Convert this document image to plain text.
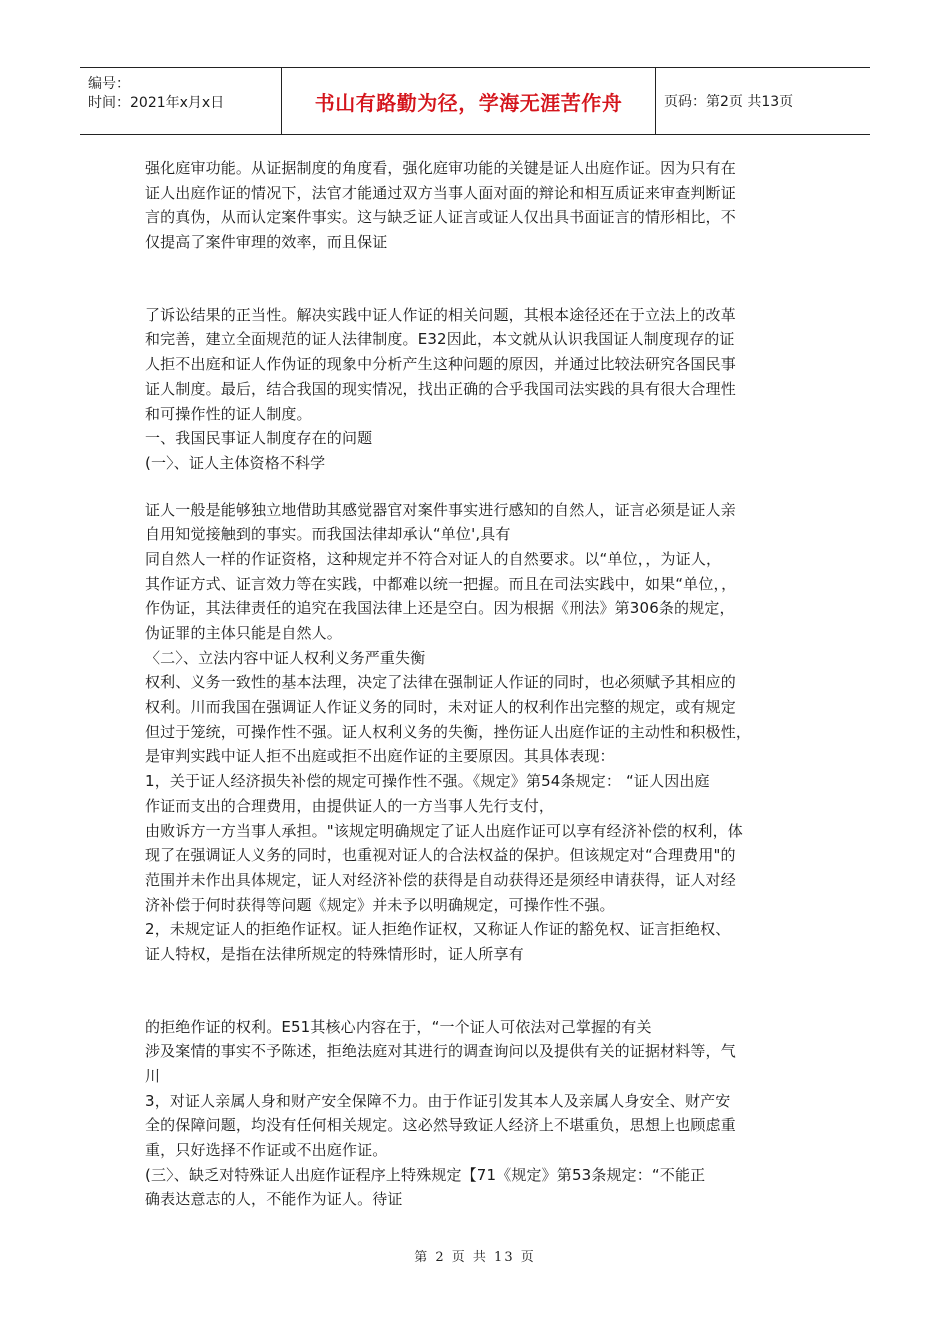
编号：
时间：2021年x月x日	书山有路勤为径，学海无涯苦作舟	页码：第2页 共13页
强化庭审功能。从证据制度的角度看，强化庭审功能的关键是证人出庭作证。因为只有在
证人出庭作证的情况下，法官才能通过双方当事人面对面的辩论和相互质证来审查判断证
言的真伪，从而认定案件事实。这与缺乏证人证言或证人仅出具书面证言的情形相比，不
仅提高了案件审理的效率，而且保证
了诉讼结果的正当性。解决实践中证人作证的相关问题，其根本途径还在于立法上的改革
和完善，建立全面规范的证人法律制度。E32因此，本文就从认识我国证人制度现存的证
人拒不出庭和证人作伪证的现象中分析产生这种问题的原因，并通过比较法研究各国民事
证人制度。最后，结合我国的现实情况，找出正确的合乎我国司法实践的具有很大合理性
和可操作性的证人制度。
一、我国民事证人制度存在的问题
(一〉、证人主体资格不科学
证人一般是能够独立地借助其感觉器官对案件事实进行感知的自然人，证言必须是证人亲
自用知觉接触到的事实。而我国法律却承认“单位',具有
同自然人一样的作证资格，这种规定并不符合对证人的自然要求。以“单位，，为证人，
其作证方式、证言效力等在实践，中都难以统一把握。而且在司法实践中，如果“单位，，
作伪证，其法律责任的追究在我国法律上还是空白。因为根据《刑法》第306条的规定，
伪证罪的主体只能是自然人。
〈二〉、立法内容中证人权利义务严重失衡
权利、义务一致性的基本法理，决定了法律在强制证人作证的同时，也必须赋予其相应的
权利。川而我国在强调证人作证义务的同时，未对证人的权利作出完整的规定，或有规定
但过于笼统，可操作性不强。证人权利义务的失衡，挫伤证人出庭作证的主动性和积极性，
是审判实践中证人拒不出庭或拒不出庭作证的主要原因。其具体表现：
1，关于证人经济损失补偿的规定可操作性不强。《规定》第54条规定： “证人因出庭
作证而支出的合理费用，由提供证人的一方当事人先行支付，
由败诉方一方当事人承担。"该规定明确规定了证人出庭作证可以享有经济补偿的权利，体
现了在强调证人义务的同时，也重视对证人的合法权益的保护。但该规定对“合理费用"的
范围并未作出具体规定，证人对经济补偿的获得是自动获得还是须经申请获得，证人对经
济补偿于何时获得等问题《规定》并未予以明确规定，可操作性不强。
2，未规定证人的拒绝作证权。证人拒绝作证权，又称证人作证的豁免权、证言拒绝权、
证人特权，是指在法律所规定的特殊情形时，证人所享有
的拒绝作证的权利。E51其核心内容在于，“一个证人可依法对己掌握的有关
涉及案情的事实不予陈述，拒绝法庭对其进行的调查询问以及提供有关的证据材料等，气
川
3，对证人亲属人身和财产安全保障不力。由于作证引发其本人及亲属人身安全、财产安
全的保障问题，均没有任何相关规定。这必然导致证人经济上不堪重负，思想上也顾虑重
重，只好选择不作证或不出庭作证。
(三〉、缺乏对特殊证人出庭作证程序上特殊规定【71《规定》第53条规定：“不能正
确表达意志的人，不能作为证人。待证
第 2 页 共 13 页
